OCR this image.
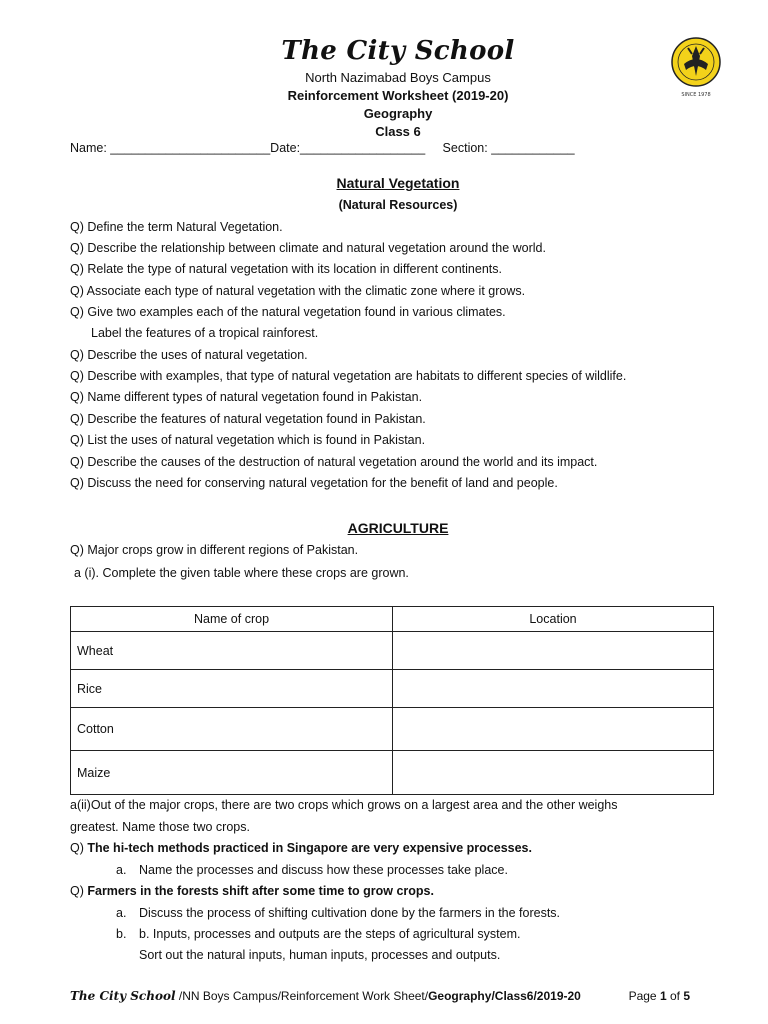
The City School
SINCE 1978
North Nazimabad Boys Campus
Reinforcement Worksheet (2019-20)
Geography
Class 6
Name: _______________________Date:__________________     Section: ____________
Natural Vegetation
(Natural Resources)
Q) Define the term Natural Vegetation.
Q) Describe the relationship between climate and natural vegetation around the world.
Q) Relate the type of natural vegetation with its location in different continents.
Q) Associate each type of natural vegetation with the climatic zone where it grows.
Q) Give two examples each of the natural vegetation found in various climates.
Label the features of a tropical rainforest.
Q) Describe the uses of natural vegetation.
Q) Describe with examples, that type of natural vegetation are habitats to different species of wildlife.
Q) Name different types of natural vegetation found in Pakistan.
Q) Describe the features of natural vegetation found in Pakistan.
Q) List the uses of natural vegetation which is found in Pakistan.
Q) Describe the causes of the destruction of natural vegetation around the world and its impact.
Q) Discuss the need for conserving natural vegetation for the benefit of land and people.
AGRICULTURE
Q) Major crops grow in different regions of Pakistan.
a (i). Complete the given table where these crops are grown.
Name of crop	Location
Wheat	
Rice	
Cotton	
Maize	
a(ii)Out of the major crops, there are two crops which grows on a largest area and the other weighs
greatest. Name those two crops.
Q) The hi-tech methods practiced in Singapore are very expensive processes.
a. Name the processes and discuss how these processes take place.
Q) Farmers in the forests shift after some time to grow crops.
a. Discuss the process of shifting cultivation done by the farmers in the forests.
b. b. Inputs, processes and outputs are the steps of agricultural system.
Sort out the natural inputs, human inputs, processes and outputs.
The City School /NN Boys Campus/Reinforcement Work Sheet/Geography/Class6/2019-20	Page 1 of 5
